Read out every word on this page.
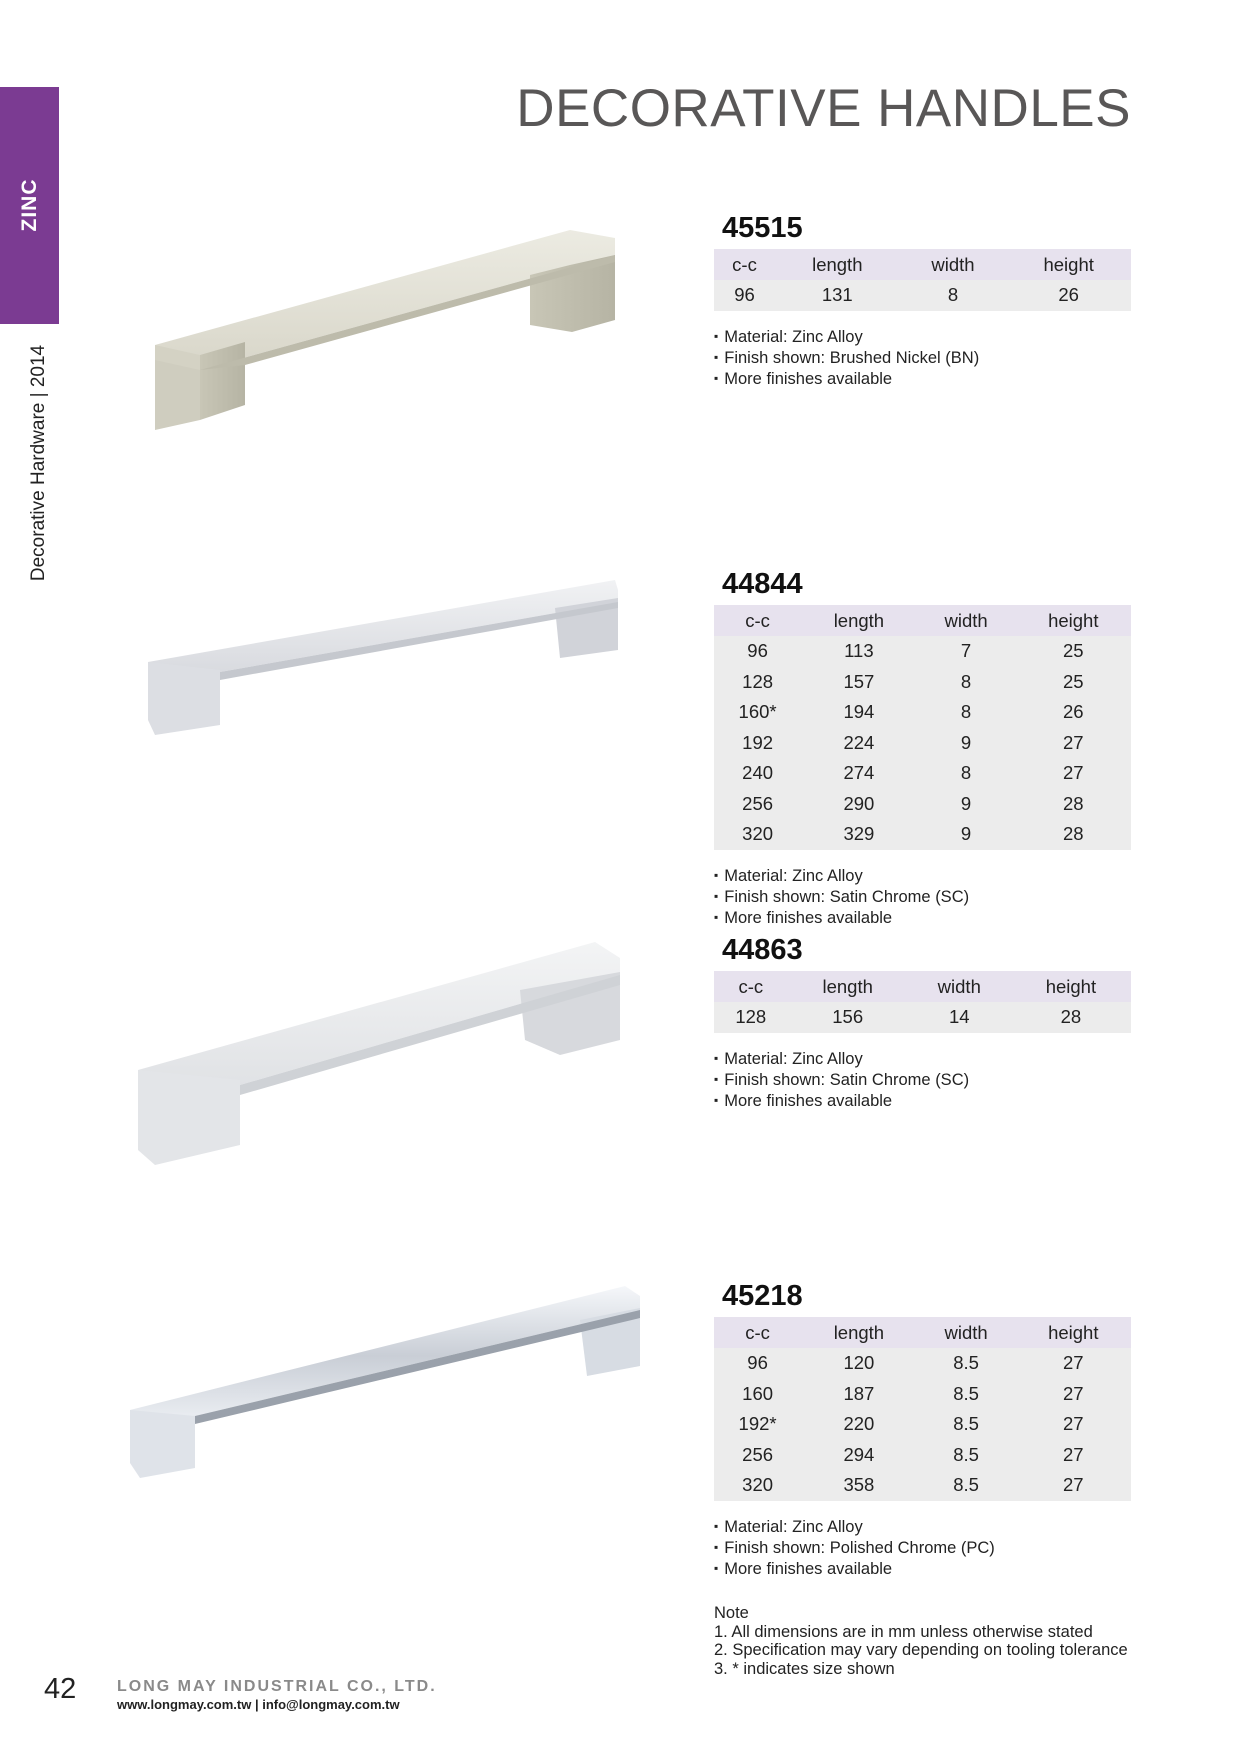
ZINC
Decorative Hardware | 2014
DECORATIVE HANDLES
45515
c-c	length	width	height
96	131	8	26
▪ Material: Zinc Alloy
▪ Finish shown: Brushed Nickel (BN)
▪ More finishes available
44844
c-c	length	width	height
96	113	7	25
128	157	8	25
160*	194	8	26
192	224	9	27
240	274	8	27
256	290	9	28
320	329	9	28
▪ Material: Zinc Alloy
▪ Finish shown: Satin Chrome (SC)
▪ More finishes available
44863
c-c	length	width	height
128	156	14	28
▪ Material: Zinc Alloy
▪ Finish shown: Satin Chrome (SC)
▪ More finishes available
45218
c-c	length	width	height
96	120	8.5	27
160	187	8.5	27
192*	220	8.5	27
256	294	8.5	27
320	358	8.5	27
▪ Material: Zinc Alloy
▪ Finish shown: Polished Chrome (PC)
▪ More finishes available
Note
1. All dimensions are in mm unless otherwise stated
2. Specification may vary depending on tooling tolerance
3. * indicates size shown
42	LONG MAY INDUSTRIAL CO., LTD.
www.longmay.com.tw | info@longmay.com.tw
